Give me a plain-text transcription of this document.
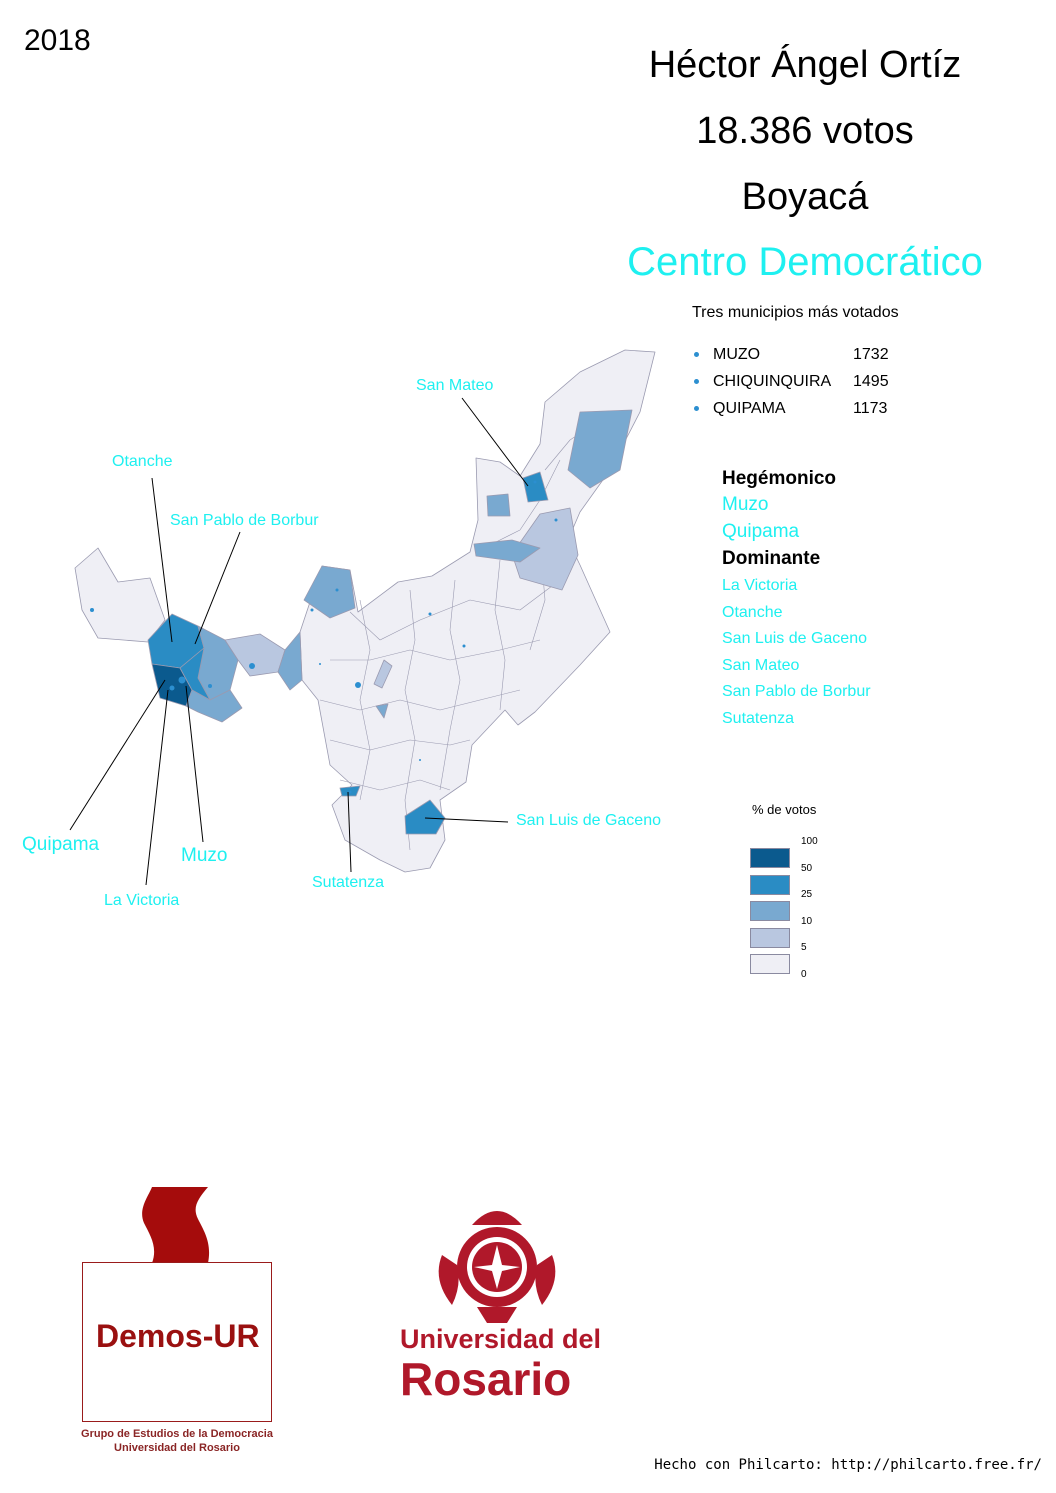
2018
Héctor Ángel Ortíz
18.386 votos
Boyacá
Centro Democrático
Tres municipios más votados
MUZO	1732
CHIQUINQUIRA 1495
QUIPAMA	1173
Hegémonico
Muzo
Quipama
Dominante
La Victoria
Otanche
San Luis de Gaceno
San Mateo
San Pablo de Borbur
Sutatenza
Otanche
San Pablo de Borbur
San Mateo
Quipama
Muzo
La Victoria
Sutatenza
San Luis de Gaceno
% de votos
100
50
25
10
5
0
Demos-UR
Grupo de Estudios de la Democracia
Universidad del Rosario
Universidad del
Rosario
Hecho con Philcarto: http://philcarto.free.fr/
